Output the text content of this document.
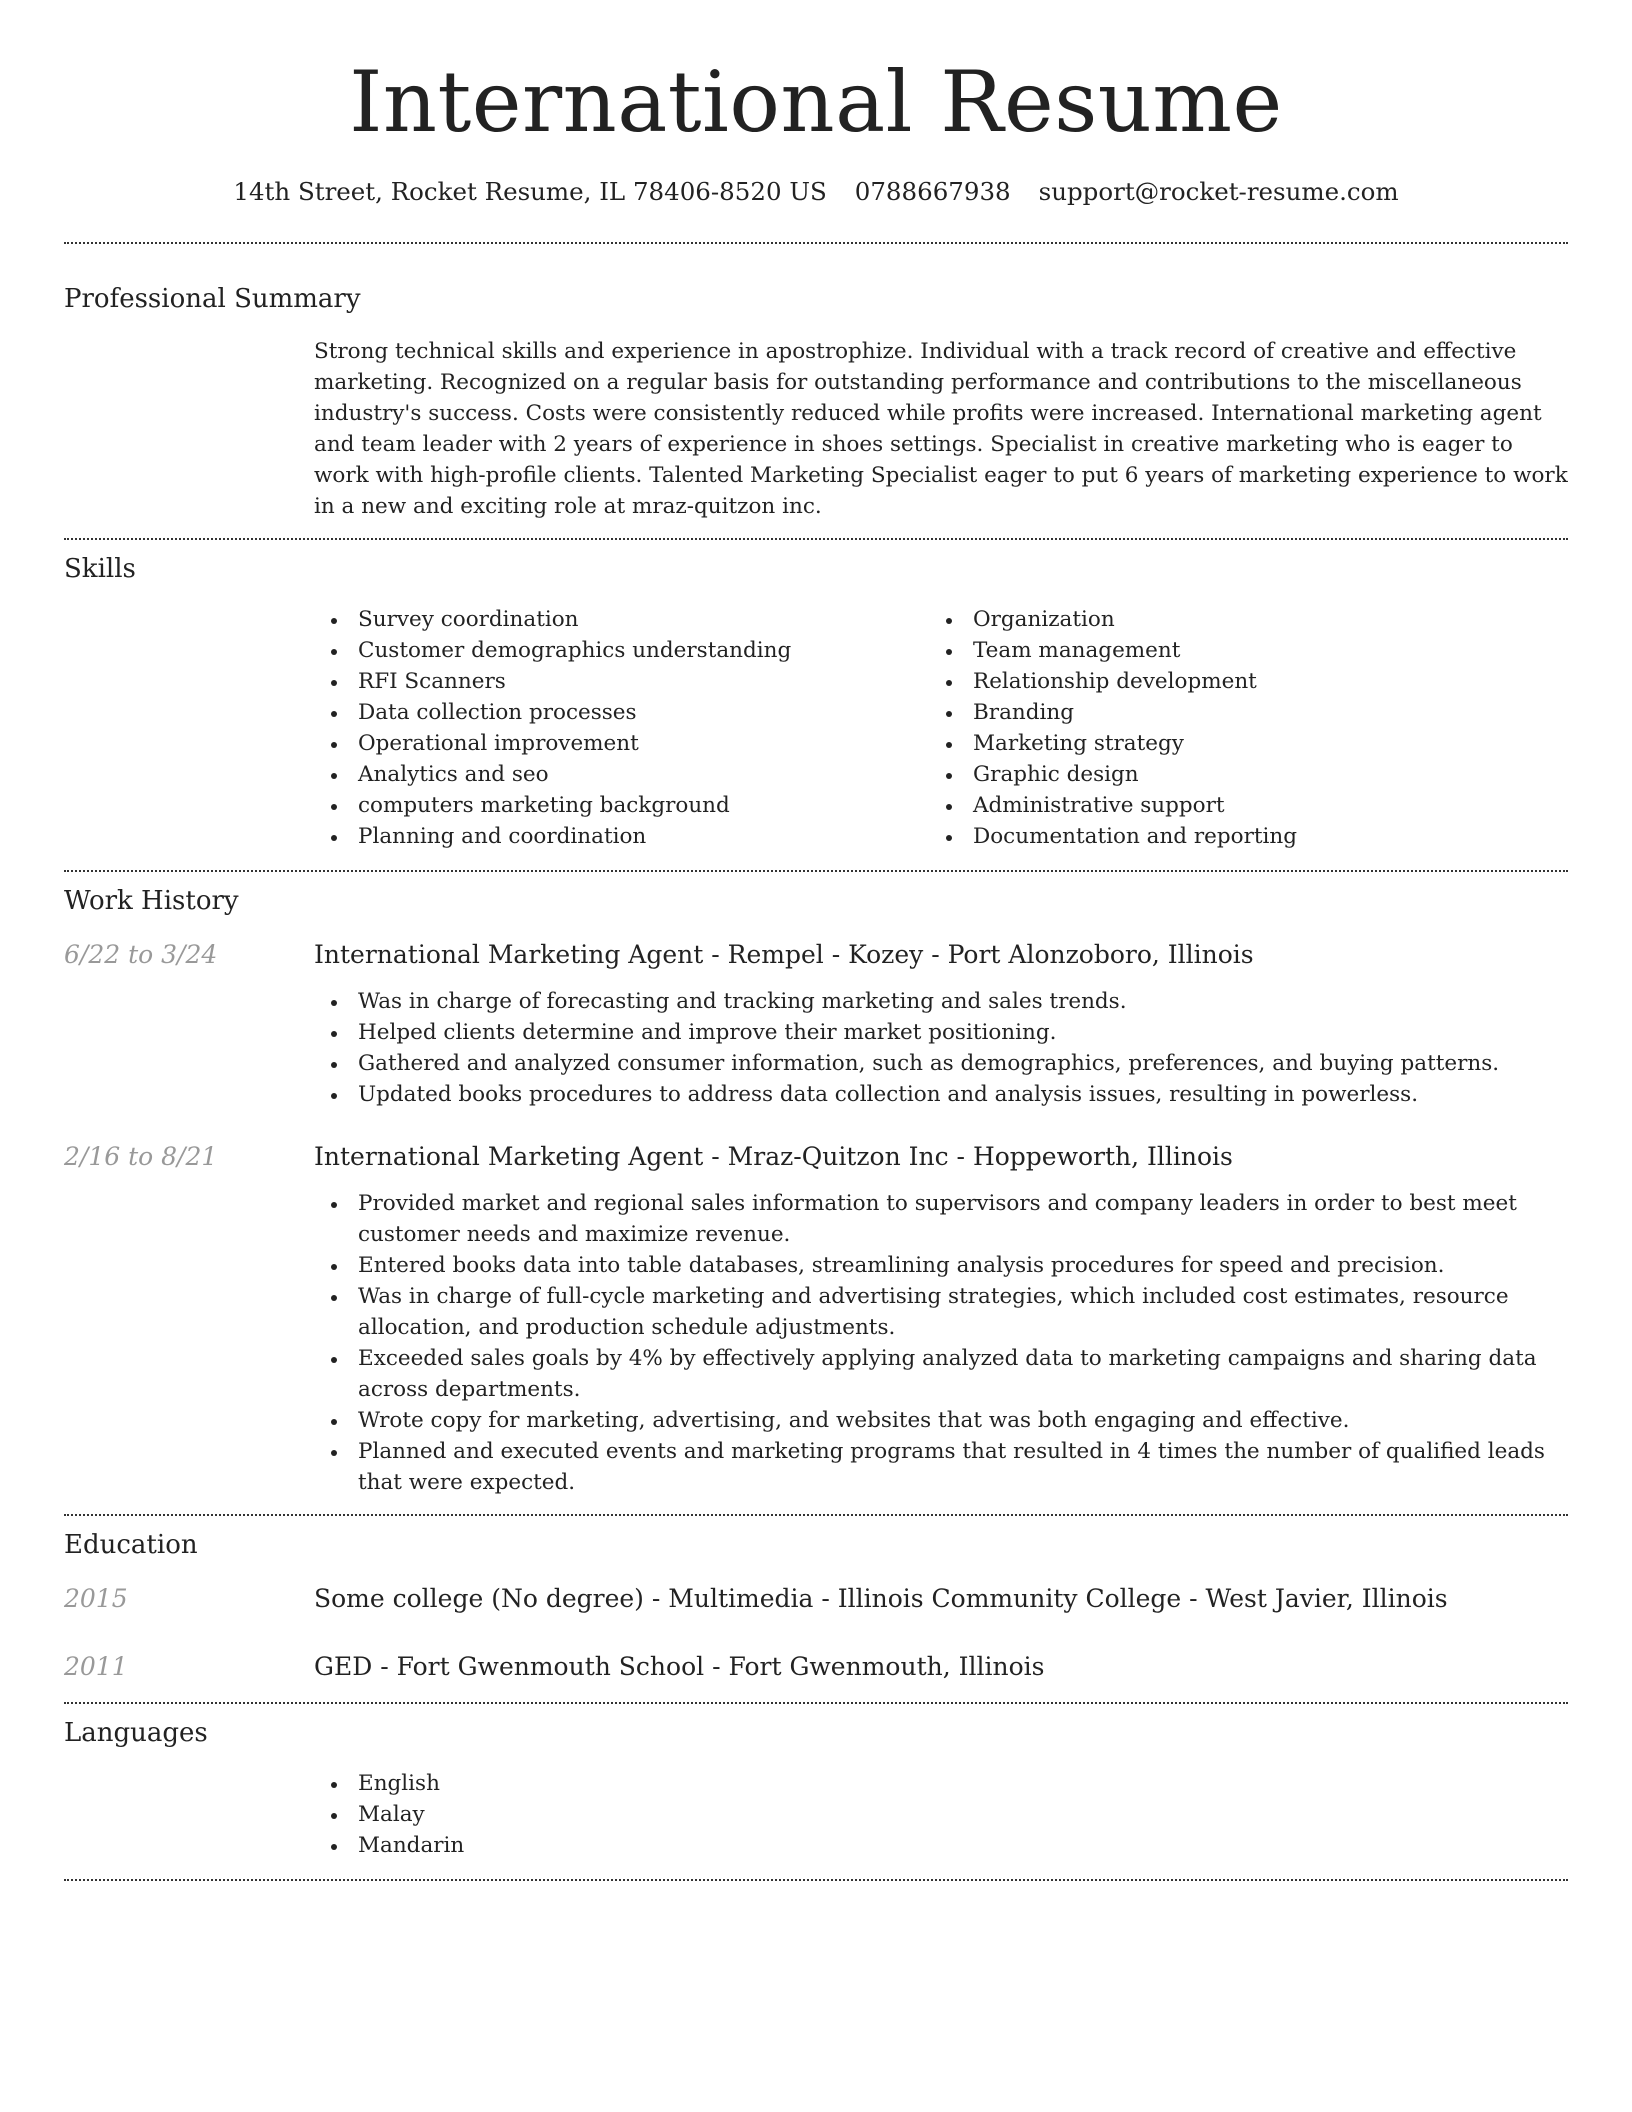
International Resume
14th Street, Rocket Resume, IL 78406-8520 US 0788667938 support@rocket-resume.com
Professional Summary

Strong technical skills and experience in apostrophize. Individual with a track record of creative and effective marketing. Recognized on a regular basis for outstanding performance and contributions to the miscellaneous industry's success. Costs were consistently reduced while profits were increased. International marketing agent and team leader with 2 years of experience in shoes settings. Specialist in creative marketing who is eager to work with high-profile clients. Talented Marketing Specialist eager to put 6 years of marketing experience to work in a new and exciting role at mraz-quitzon inc.

Skills
Survey coordination
Customer demographics understanding
RFI Scanners
Data collection processes
Operational improvement
Analytics and seo
computers marketing background
Planning and coordination
Organization
Team management
Relationship development
Branding
Marketing strategy
Graphic design
Administrative support
Documentation and reporting
Work History
6/22 to 3/24	International Marketing Agent - Rempel - Kozey - Port Alonzoboro, Illinois
Was in charge of forecasting and tracking marketing and sales trends.
Helped clients determine and improve their market positioning.
Gathered and analyzed consumer information, such as demographics, preferences, and buying patterns.
Updated books procedures to address data collection and analysis issues, resulting in powerless.
2/16 to 8/21	International Marketing Agent - Mraz-Quitzon Inc - Hoppeworth, Illinois
Provided market and regional sales information to supervisors and company leaders in order to best meet customer needs and maximize revenue.
Entered books data into table databases, streamlining analysis procedures for speed and precision.
Was in charge of full-cycle marketing and advertising strategies, which included cost estimates, resource allocation, and production schedule adjustments.
Exceeded sales goals by 4% by effectively applying analyzed data to marketing campaigns and sharing data across departments.
Wrote copy for marketing, advertising, and websites that was both engaging and effective.
Planned and executed events and marketing programs that resulted in 4 times the number of qualified leads that were expected.
Education
2015	Some college (No degree) - Multimedia - Illinois Community College - West Javier, Illinois
2011	GED - Fort Gwenmouth School - Fort Gwenmouth, Illinois
Languages
English
Malay
Mandarin
